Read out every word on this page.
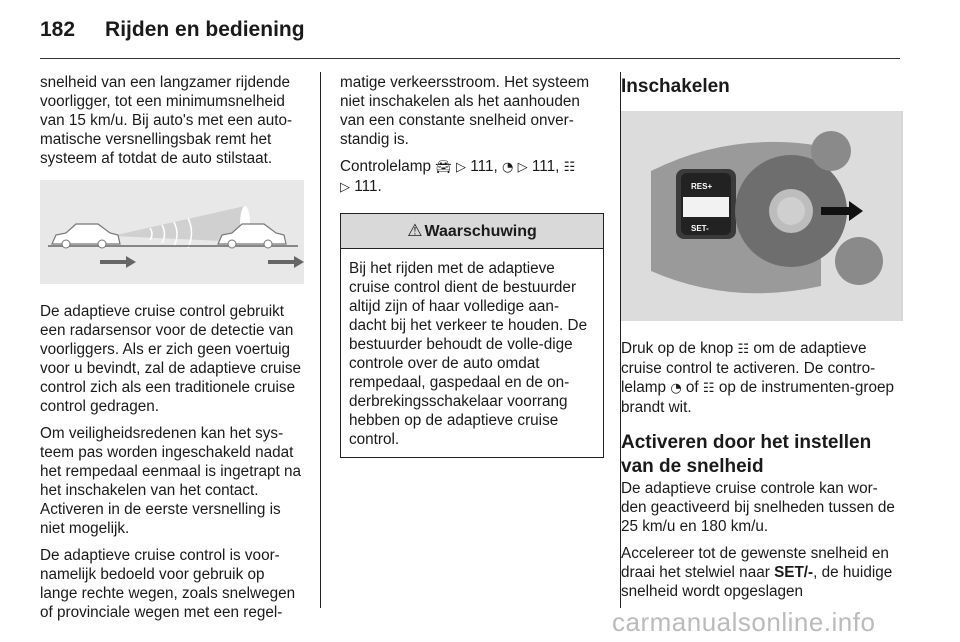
182 Rijden en bediening

snelheid van een langzamer rijdende voorligger, tot een minimumsnelheid van 15 km/u. Bij auto's met een auto-matische versnellingsbak remt het systeem af totdat de auto stilstaat.

De adaptieve cruise control gebruikt een radarsensor voor de detectie van voorliggers. Als er zich geen voertuig voor u bevindt, zal de adaptieve cruise control zich als een traditionele cruise control gedragen.

Om veiligheidsredenen kan het sys-teem pas worden ingeschakeld nadat het rempedaal eenmaal is ingetrapt na het inschakelen van het contact. Activeren in de eerste versnelling is niet mogelijk.

De adaptieve cruise control is voor-namelijk bedoeld voor gebruik op lange rechte wegen, zoals snelwegen of provinciale wegen met een regel-

matige verkeersstroom. Het systeem niet inschakelen als het aanhouden van een constante snelheid onver-standig is.

Controlelamp 🚘︎ ▷ 111, ◔ ▷ 111, ☷
▷ 111.

⚠ Waarschuwing
Bij het rijden met de adaptieve cruise control dient de bestuurder altijd zijn of haar volledige aan-dacht bij het verkeer te houden. De bestuurder behoudt de volle-dige controle over de auto omdat rempedaal, gaspedaal en de on-derbrekingsschakelaar voorrang hebben op de adaptieve cruise control.
Inschakelen
RES+
SET-

Druk op de knop ☷ om de adaptieve cruise control te activeren. De contro-lelamp ◔ of ☷ op de instrumenten-groep brandt wit.

Activeren door het instellen van de snelheid

De adaptieve cruise controle kan wor-den geactiveerd bij snelheden tussen de 25 km/u en 180 km/u.

Accelereer tot de gewenste snelheid en draai het stelwiel naar SET/-, de huidige snelheid wordt opgeslagen

carmanualsonline.info
